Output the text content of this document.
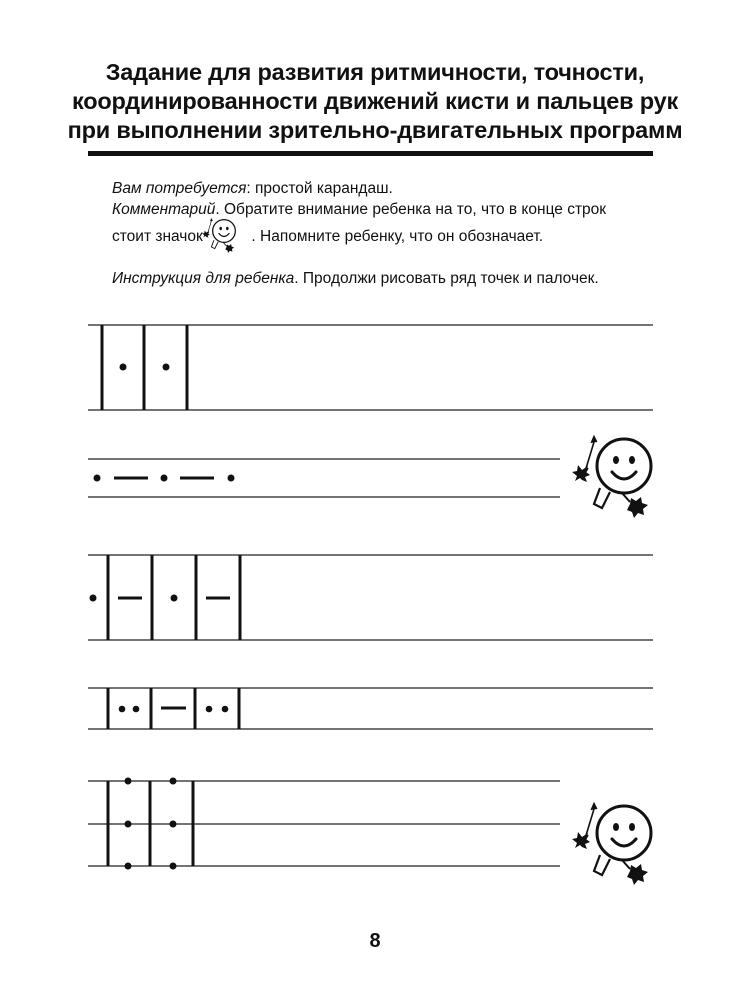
Задание для развития ритмичности, точности,
координированности движений кисти и пальцев рук
при выполнении зрительно-двигательных программ
Вам потребуется: простой карандаш.
Комментарий. Обратите внимание ребенка на то, что в конце строк
стоит значок	. Напомните ребенку, что он обозначает.
Инструкция для ребенка. Продолжи рисовать ряд точек и палочек.
8
